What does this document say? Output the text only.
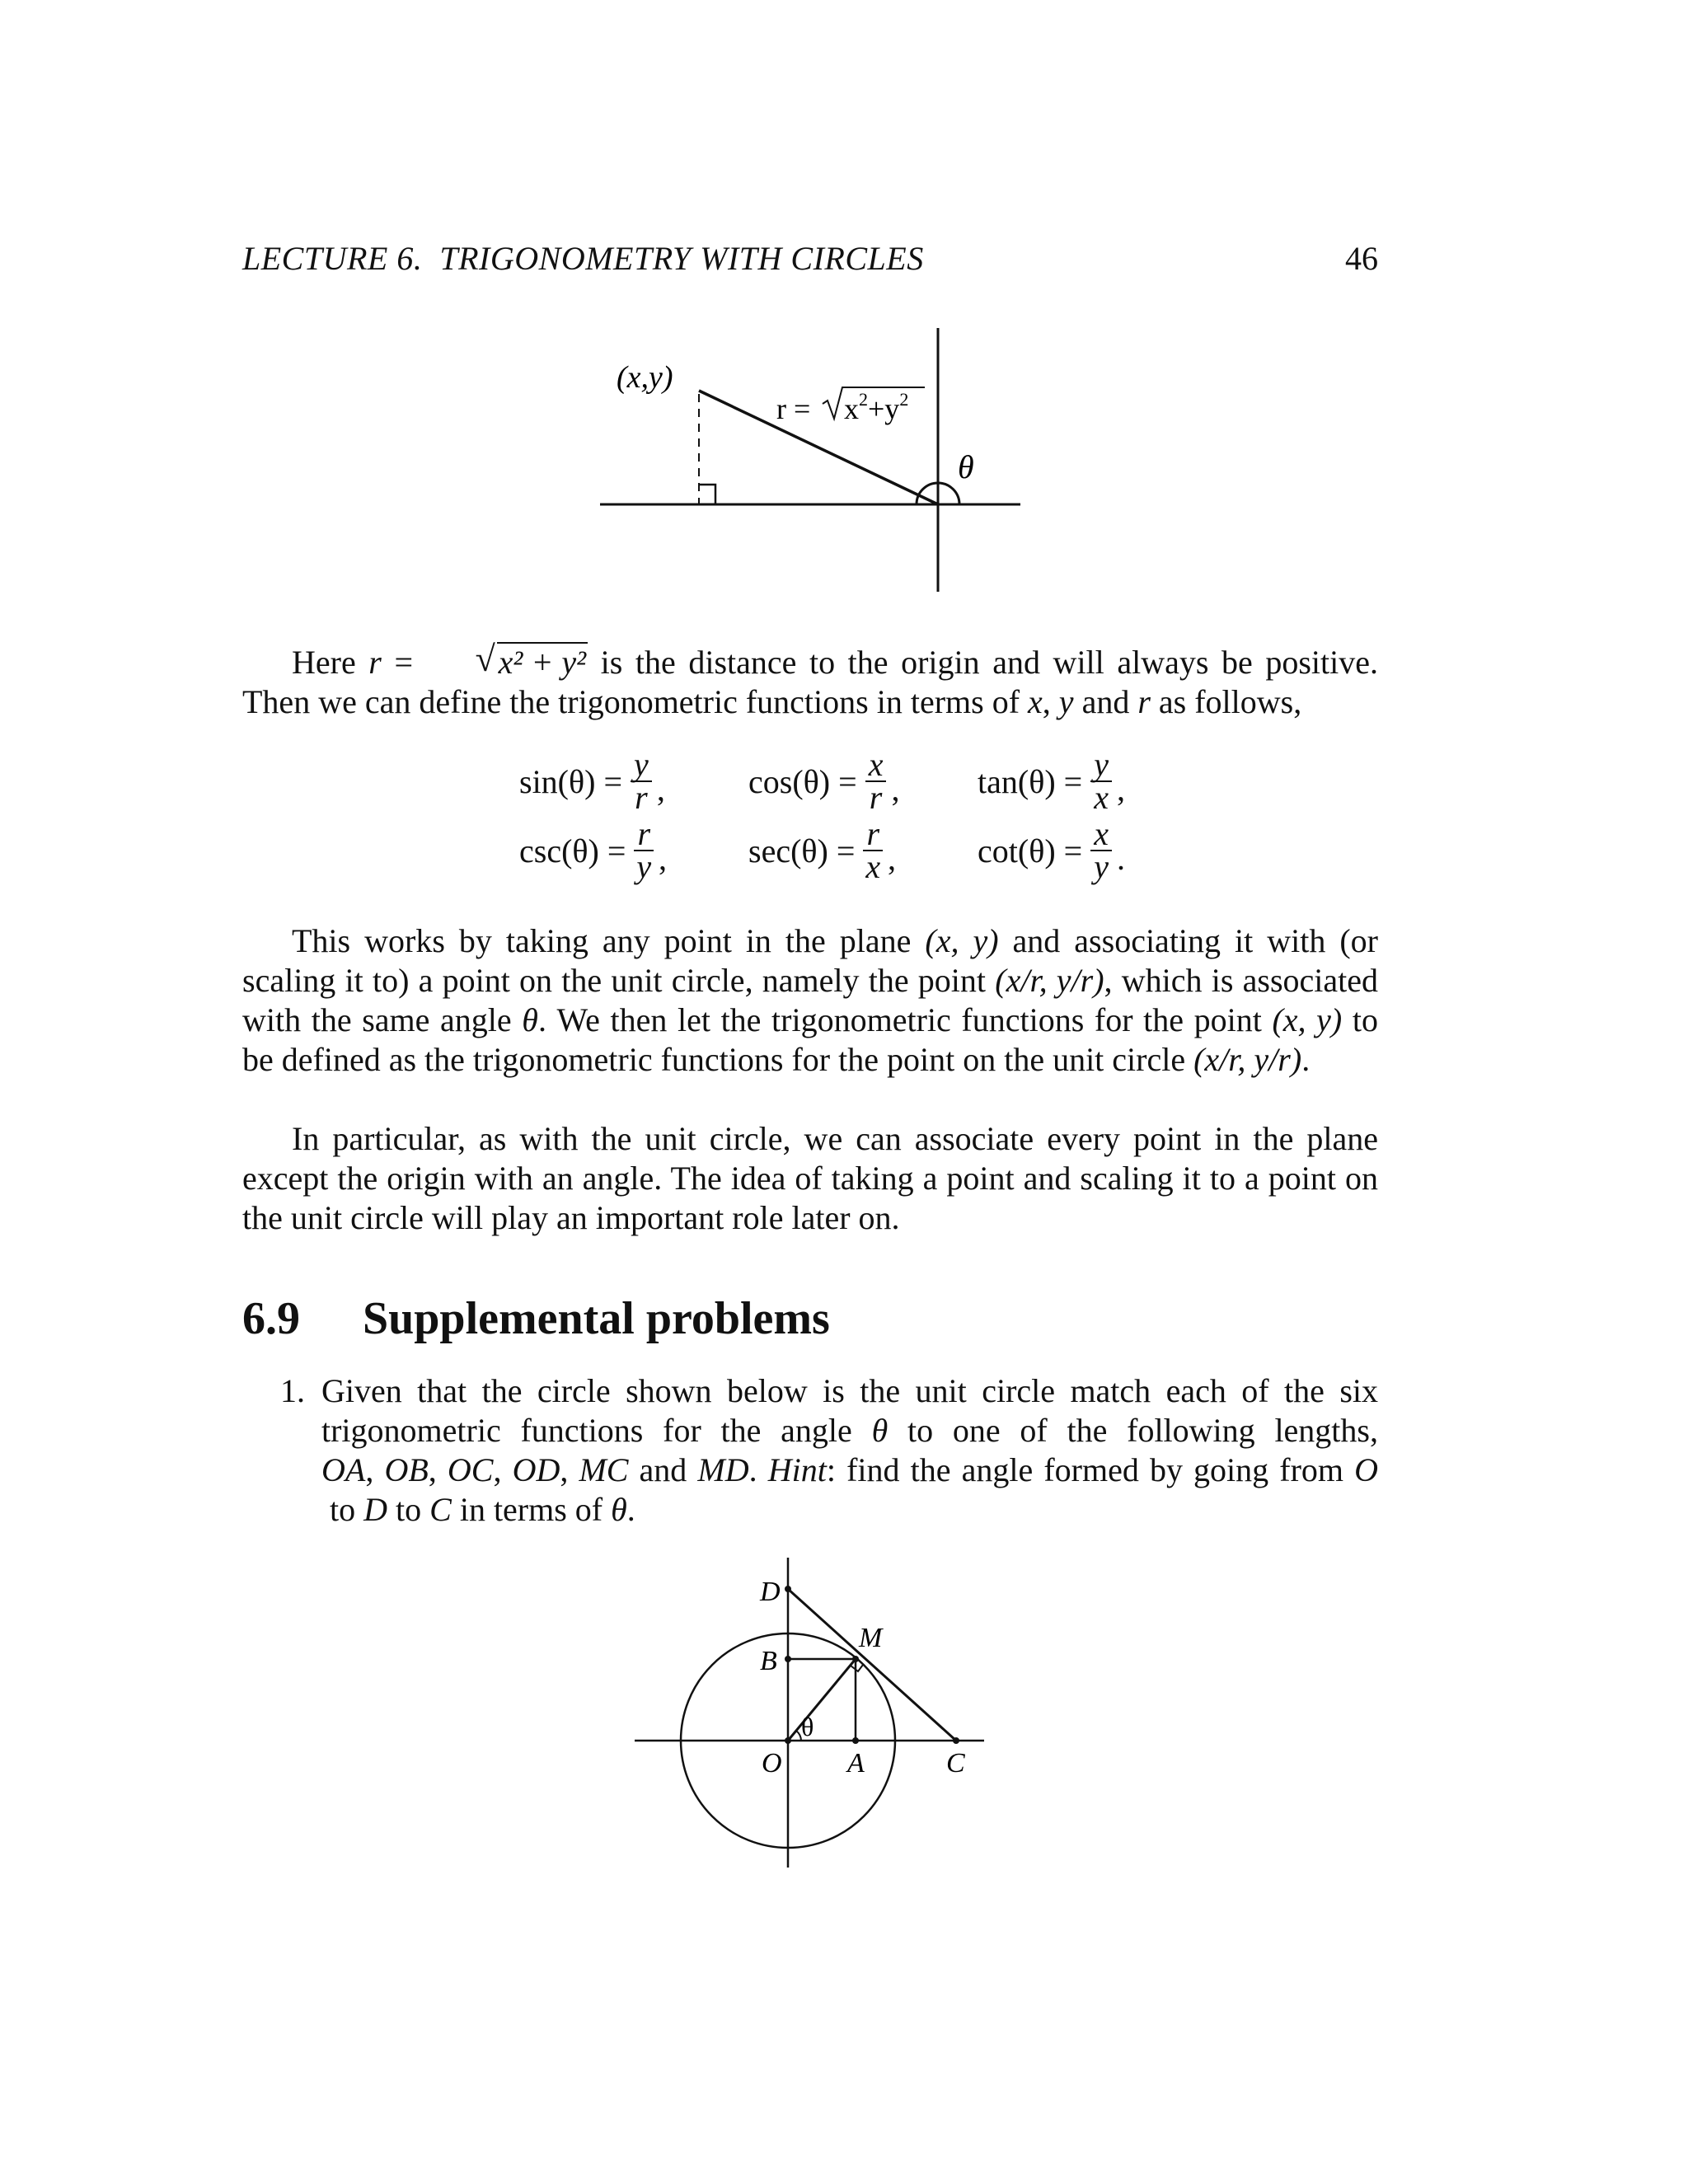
LECTURE 6.  TRIGONOMETRY WITH CIRCLES	46
(x,y)
$r = x^2+y^2$
θ

Here r =	√ x² + y² is the distance to the origin and will always be positive. Then we can define the trigonometric functions in terms of x, y and r as follows,

$\sin(\theta) = \frac{y}{r}$ ,	$\cos(\theta) = \frac{x}{r}$ , $\tan(\theta) = \frac{y}{x}$ ,
$\csc(\theta) = \frac{r}{y}$ , $\sec(\theta) = \frac{r}{x}$ , $\cot(\theta) = \frac{x}{y}$ .

This works by taking any point in the plane (x, y) and associating it with (or scaling it to) a point on the unit circle, namely the point (x/r, y/r), which is associated with the same angle θ. We then let the trigonometric functions for the point (x, y) to be defined as the trigonometric functions for the point on the unit circle (x/r, y/r).

In particular, as with the unit circle, we can associate every point in the plane except the origin with an angle. The idea of taking a point and scaling it to a point on the unit circle will play an important role later on.

6.9 Supplemental problems
1. Given that the circle shown below is the unit circle match each of the six trigonometric functions for the angle θ to one of the following lengths, OA, OB, OC, OD, MC and MD. Hint: find the angle formed by going from O to D to C in terms of θ.

D
M
B
θ
O A	C
